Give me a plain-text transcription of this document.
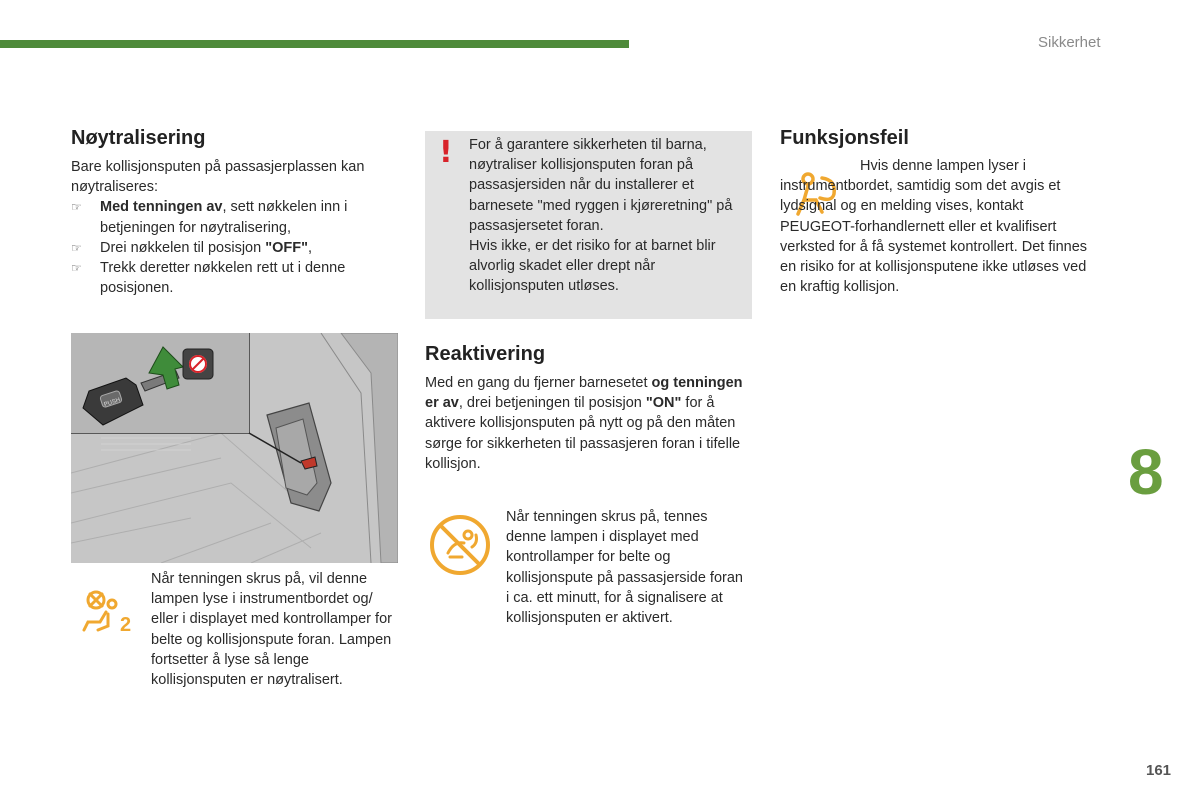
Sikkerhet
8
161
Nøytralisering
Bare kollisjonsputen på passasjerplassen kan nøytraliseres:
☞ Med tenningen av, sett nøkkelen inn i betjeningen for nøytralisering,
☞ Drei nøkkelen til posisjon "OFF",
☞ Trekk deretter nøkkelen rett ut i denne posisjonen.
PUSH
2
Når tenningen skrus på, vil denne lampen lyse i instrumentbordet og/ eller i displayet med kontrollamper for belte og kollisjonspute foran. Lampen fortsetter å lyse så lenge kollisjonsputen er nøytralisert.
! For å garantere sikkerheten til barna, nøytraliser kollisjonsputen foran på passasjersiden når du installerer et barnesete "med ryggen i kjøreretning" på passasjersetet foran.
Hvis ikke, er det risiko for at barnet blir alvorlig skadet eller drept når kollisjonsputen utløses.
Reaktivering
Med en gang du fjerner barnesetet og tenningen er av, drei betjeningen til posisjon "ON" for å aktivere kollisjonsputen på nytt og på den måten sørge for sikkerheten til passasjeren foran i tifelle kollisjon.
Når tenningen skrus på, tennes denne lampen i displayet med kontrollamper for belte og kollisjonspute på passasjerside foran i ca. ett minutt, for å signalisere at kollisjonsputen er aktivert.
Funksjonsfeil
Hvis denne lampen lyser i instrumentbordet, samtidig som det avgis et lydsignal og en melding vises, kontakt PEUGEOT-forhandlernett eller et kvalifisert verksted for å få systemet kontrollert. Det finnes en risiko for at kollisjonsputene ikke utløses ved en kraftig kollisjon.
